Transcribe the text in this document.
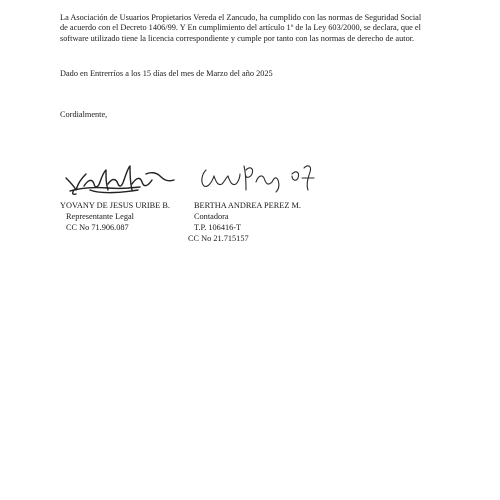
La Asociación de Usuarios Propietarios Vereda el Zancudo, ha cumplido con las normas de Seguridad Social
de acuerdo con el Decreto 1406/99. Y En cumplimiento del artículo 1º de la Ley 603/2000, se declara, que el
software utilizado tiene la licencia correspondiente y cumple por tanto con las normas de derecho de autor.

Dado en Entrerríos a los 15 días del mes de Marzo del año 2025

Cordialmente,

YOVANY DE JESUS URIBE B.
Representante Legal
CC No 71.906.087
BERTHA ANDREA PEREZ M.
Contadora
T.P. 106416-T
CC No 21.715157
